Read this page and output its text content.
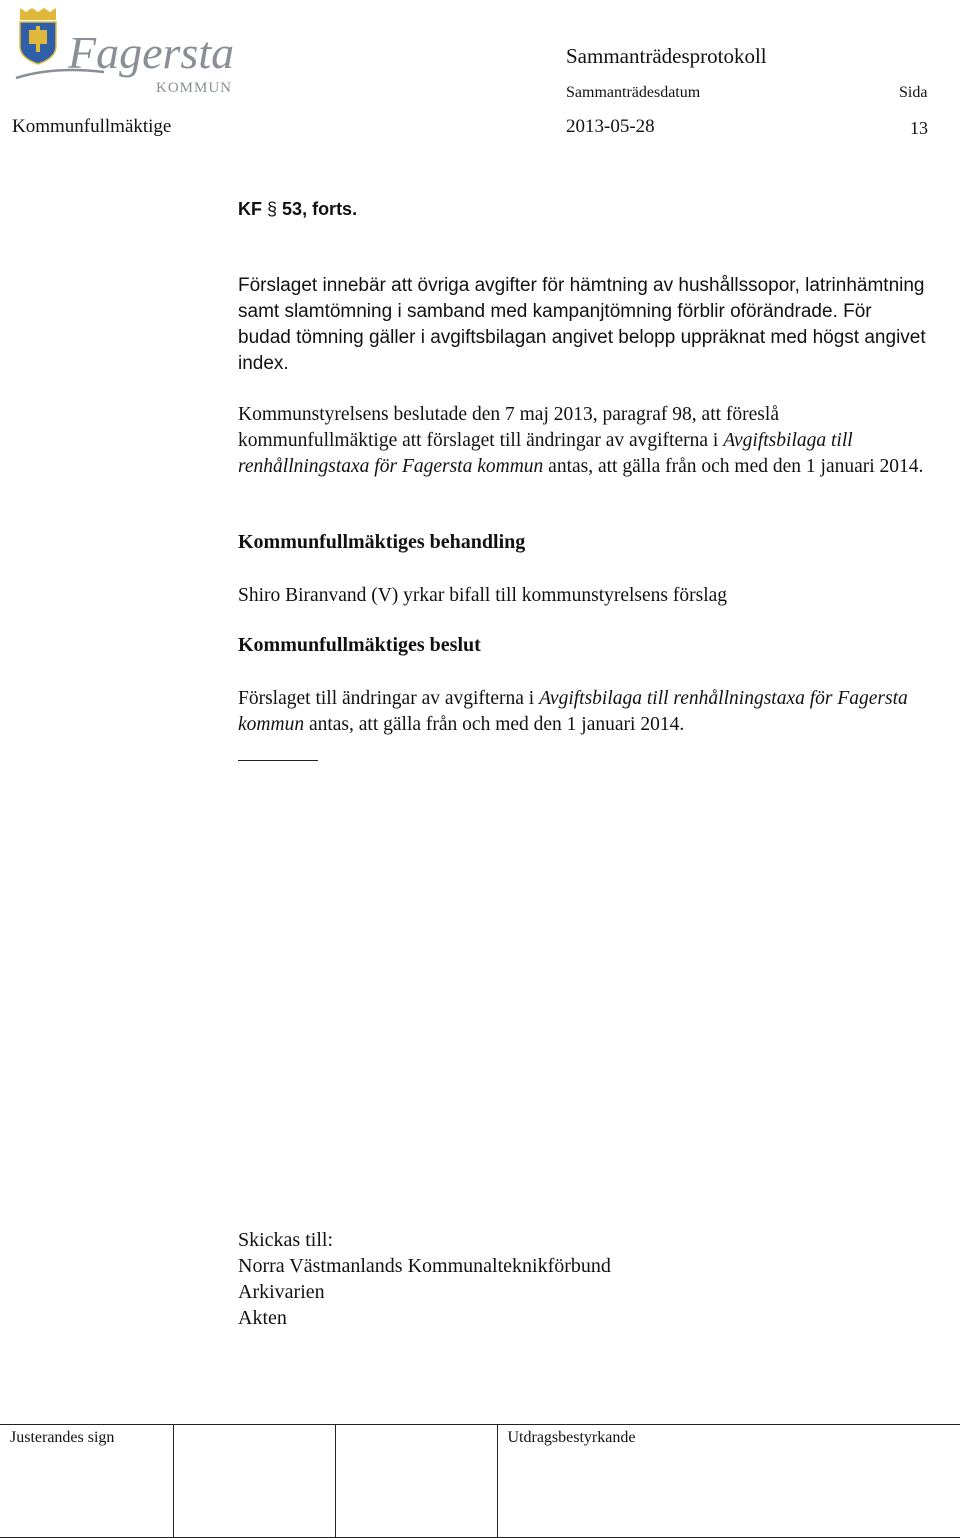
Fagersta
KOMMUN
Sammanträdesprotokoll
Sammanträdesdatum	Sida
Kommunfullmäktige	2013-05-28	13
KF § 53, forts.
Förslaget innebär att övriga avgifter för hämtning av hushållssopor, latrinhämtning samt slamtömning i samband med kampanjtömning förblir oförändrade. För budad tömning gäller i avgiftsbilagan angivet belopp uppräknat med högst angivet index.
Kommunstyrelsens beslutade den 7 maj 2013, paragraf 98, att föreslå kommunfullmäktige att förslaget till ändringar av avgifterna i Avgiftsbilaga till renhållningstaxa för Fagersta kommun antas, att gälla från och med den 1 januari 2014.
Kommunfullmäktiges behandling
Shiro Biranvand (V) yrkar bifall till kommunstyrelsens förslag
Kommunfullmäktiges beslut
Förslaget till ändringar av avgifterna i Avgiftsbilaga till renhållningstaxa för Fagersta kommun antas, att gälla från och med den 1 januari 2014.
Skickas till:
Norra Västmanlands Kommunalteknikförbund
Arkivarien
Akten
Justerandes sign			Utdragsbestyrkande
